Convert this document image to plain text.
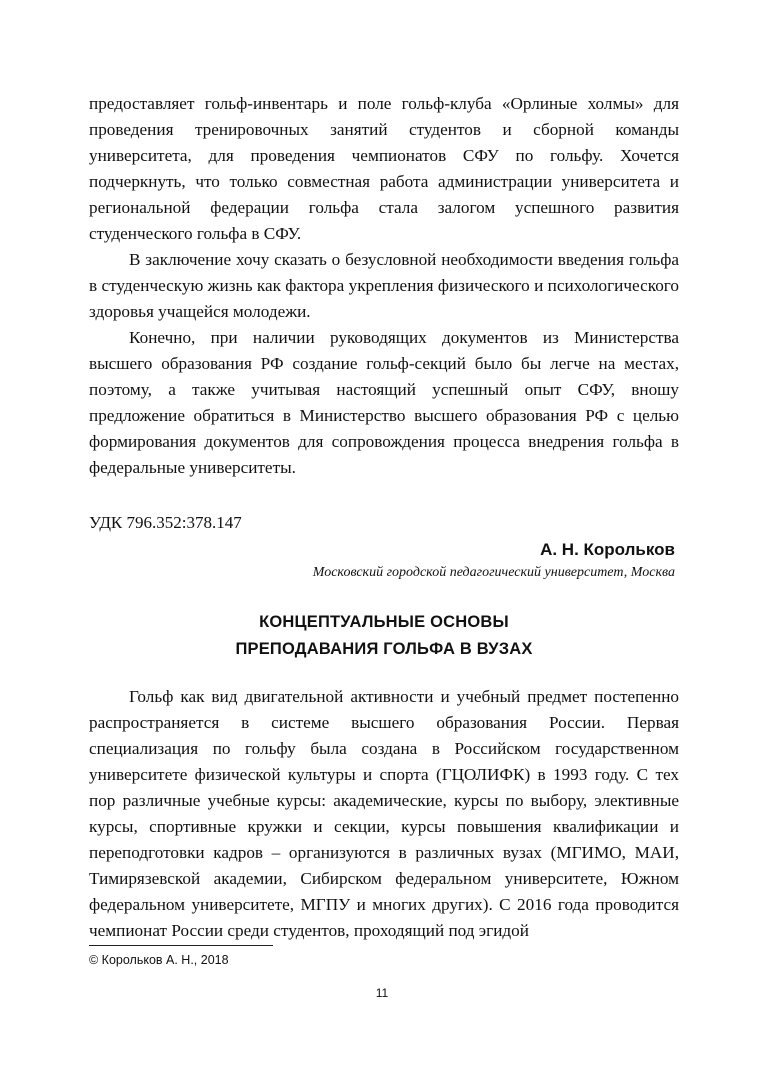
предоставляет гольф-инвентарь и поле гольф-клуба «Орлиные холмы» для проведения тренировочных занятий студентов и сборной команды университета, для проведения чемпионатов СФУ по гольфу. Хочется подчеркнуть, что только совместная работа администрации университета и региональной федерации гольфа стала залогом успешного развития студенческого гольфа в СФУ.

В заключение хочу сказать о безусловной необходимости введения гольфа в студенческую жизнь как фактора укрепления физического и психологического здоровья учащейся молодежи.

Конечно, при наличии руководящих документов из Министерства высшего образования РФ создание гольф-секций было бы легче на местах, поэтому, а также учитывая настоящий успешный опыт СФУ, вношу предложение обратиться в Министерство высшего образования РФ с целью формирования документов для сопровождения процесса внедрения гольфа в федеральные университеты.

УДК 796.352:378.147

А. Н. Корольков

Московский городской педагогический университет, Москва

КОНЦЕПТУАЛЬНЫЕ ОСНОВЫ

ПРЕПОДАВАНИЯ ГОЛЬФА В ВУЗАХ

Гольф как вид двигательной активности и учебный предмет постепенно распространяется в системе высшего образования России. Первая специализация по гольфу была создана в Российском государственном университете физической культуры и спорта (ГЦОЛИФК) в 1993 году. С тех пор различные учебные курсы: академические, курсы по выбору, элективные курсы, спортивные кружки и секции, курсы повышения квалификации и переподготовки кадров – организуются в различных вузах (МГИМО, МАИ, Тимирязевской академии, Сибирском федеральном университете, Южном федеральном университете, МГПУ и многих других). С 2016 года проводится чемпионат России среди студентов, проходящий под эгидой

© Корольков А. Н., 2018

11
